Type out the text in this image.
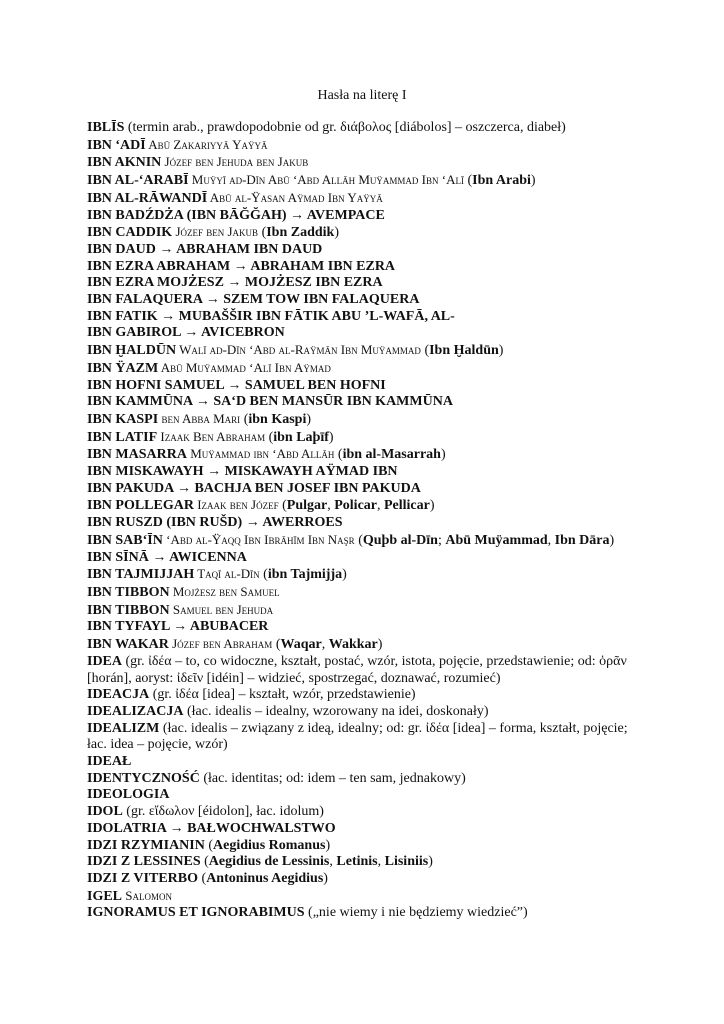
Hasła na literę I
IBLĪS (termin arab., prawdopodobnie od gr. διάβολος [diábolos] – oszczerca, diabeł)
IBN ʻADĪ Abū Zakariyyā Yaÿyā
IBN AKNIN Józef ben Jehuda ben Jakub
IBN AL-ʻARABĪ Muÿyī ad-Dīn Abū ʻAbd Allāh Muÿammad Ibn ʻAlī (Ibn Arabi)
IBN AL-RĀWANDĪ Abū al-Ÿasan Aÿmad Ibn Yaÿyā
IBN BADŹDŻA (IBN BĀĞĞAH) → AVEMPACE
IBN CADDIK Józef ben Jakub (Ibn Zaddik)
IBN DAUD → ABRAHAM IBN DAUD
IBN EZRA ABRAHAM → ABRAHAM IBN EZRA
IBN EZRA MOJŻESZ → MOJŻESZ IBN EZRA
IBN FALAQUERA → SZEM TOW IBN FALAQUERA
IBN FATIK → MUBAŠŠIR IBN FĀTIK ABU ʼL-WAFĀ, AL-
IBN GABIROL → AVICEBRON
IBN ḪALDŪN Walī ad-Dīn ʻAbd al-Raÿmān Ibn Muÿammad (Ibn Ḫaldūn)
IBN ŸAZM Abū Muÿammad ʻAlī Ibn Aÿmad
IBN HOFNI SAMUEL → SAMUEL BEN HOFNI
IBN KAMMŪNA → SAʻD BEN MANSŪR IBN KAMMŪNA
IBN KASPI ben Abba Mari (ibn Kaspi)
IBN LATIF Izaak Ben Abraham (ibn Laþīf)
IBN MASARRA Muÿammad ibn ʻAbd Allāh (ibn al-Masarrah)
IBN MISKAWAYH → MISKAWAYH AŸMAD IBN
IBN PAKUDA → BACHJA BEN JOSEF IBN PAKUDA
IBN POLLEGAR Izaak ben Józef (Pulgar, Policar, Pellicar)
IBN RUSZD (IBN RUŠD) → AWERROES
IBN SABʻĪN ʻAbd al-Ÿaqq Ibn Ibrāhīm Ibn Naşr (Quþb al-Dīn; Abū Muÿammad, Ibn Dāra)
IBN SĪNĀ → AWICENNA
IBN TAJMIJJAH Taqī al-Dīn (ibn Tajmijja)
IBN TIBBON Mojżesz ben Samuel
IBN TIBBON Samuel ben Jehuda
IBN TYFAYL → ABUBACER
IBN WAKAR Józef ben Abraham (Waqar, Wakkar)
IDEA (gr. ἰδέα – to, co widoczne, kształt, postać, wzór, istota, pojęcie, przedstawienie; od: ὁρᾶν [horán], aoryst: ἰδεῖν [idéin] – widzieć, spostrzegać, doznawać, rozumieć)
IDEACJA (gr. ἰδέα [idea] – kształt, wzór, przedstawienie)
IDEALIZACJA (łac. idealis – idealny, wzorowany na idei, doskonały)
IDEALIZM (łac. idealis – związany z ideą, idealny; od: gr. ἰδέα [idea] – forma, kształt, pojęcie; łac. idea – pojęcie, wzór)
IDEAŁ
IDENTYCZNOŚĆ (łac. identitas; od: idem – ten sam, jednakowy)
IDEOLOGIA
IDOL (gr. εἴδωλον [éidolon], łac. idolum)
IDOLATRIA → BAŁWOCHWALSTWO
IDZI RZYMIANIN (Aegidius Romanus)
IDZI Z LESSINES (Aegidius de Lessinis, Letinis, Lisiniis)
IDZI Z VITERBO (Antoninus Aegidius)
IGEL Salomon
IGNORAMUS ET IGNORABIMUS („nie wiemy i nie będziemy wiedzieć”)
